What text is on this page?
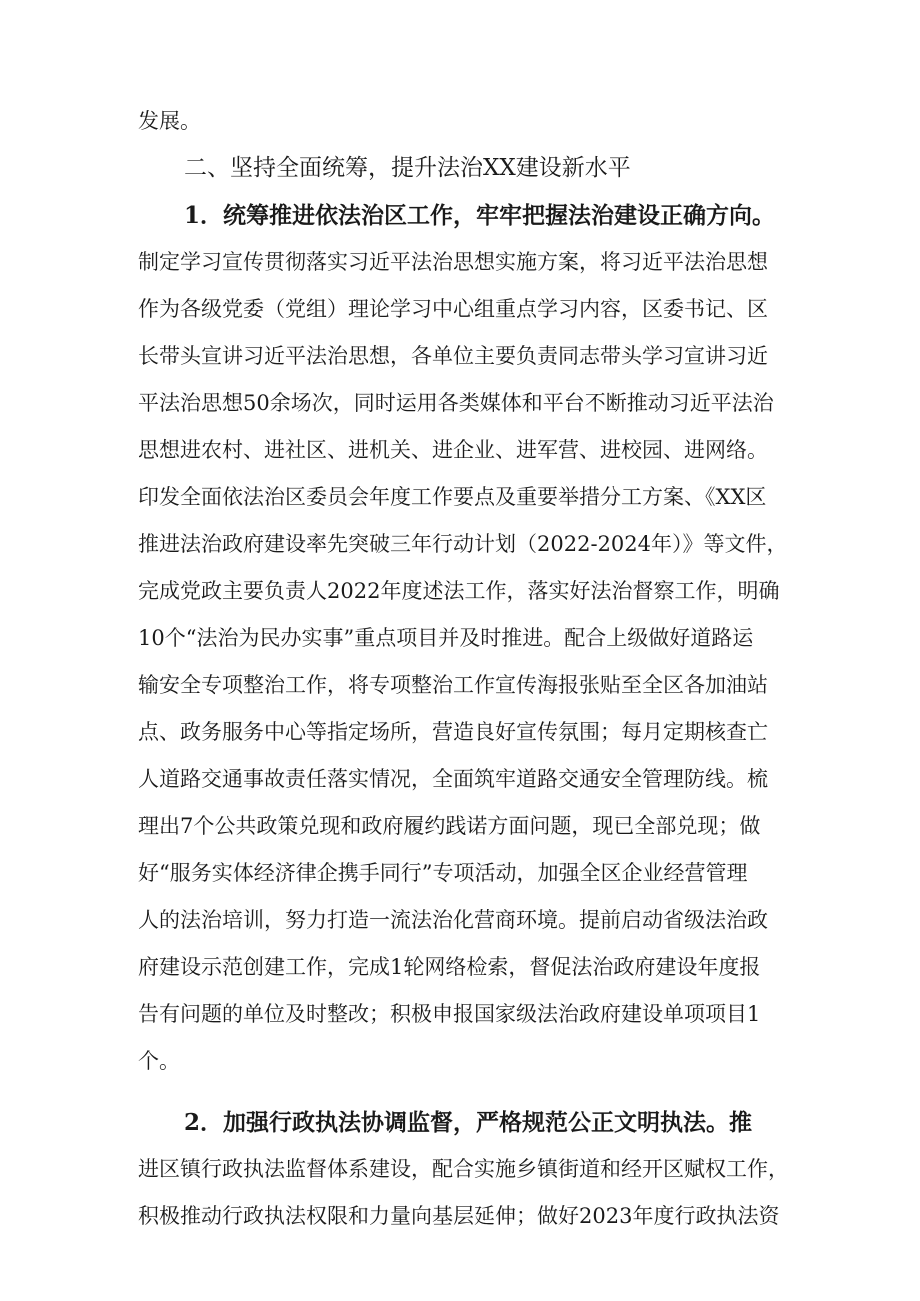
发展。
二、坚持全面统筹，提升法治XX建设新水平
1．统筹推进依法治区工作，牢牢把握法治建设正确方向。
制定学习宣传贯彻落实习近平法治思想实施方案，将习近平法治思想
作为各级党委（党组）理论学习中心组重点学习内容，区委书记、区
长带头宣讲习近平法治思想，各单位主要负责同志带头学习宣讲习近
平法治思想50余场次，同时运用各类媒体和平台不断推动习近平法治
思想进农村、进社区、进机关、进企业、进军营、进校园、进网络。
印发全面依法治区委员会年度工作要点及重要举措分工方案、《XX区
推进法治政府建设率先突破三年行动计划（2022-2024年）》等文件，
完成党政主要负责人2022年度述法工作，落实好法治督察工作，明确
10个“法治为民办实事”重点项目并及时推进。配合上级做好道路运
输安全专项整治工作，将专项整治工作宣传海报张贴至全区各加油站
点、政务服务中心等指定场所，营造良好宣传氛围；每月定期核查亡
人道路交通事故责任落实情况，全面筑牢道路交通安全管理防线。梳
理出7个公共政策兑现和政府履约践诺方面问题，现已全部兑现；做
好“服务实体经济律企携手同行”专项活动，加强全区企业经营管理
人的法治培训，努力打造一流法治化营商环境。提前启动省级法治政
府建设示范创建工作，完成1轮网络检索，督促法治政府建设年度报
告有问题的单位及时整改；积极申报国家级法治政府建设单项项目1
个。
2．加强行政执法协调监督，严格规范公正文明执法。推
进区镇行政执法监督体系建设，配合实施乡镇街道和经开区赋权工作，
积极推动行政执法权限和力量向基层延伸；做好2023年度行政执法资
